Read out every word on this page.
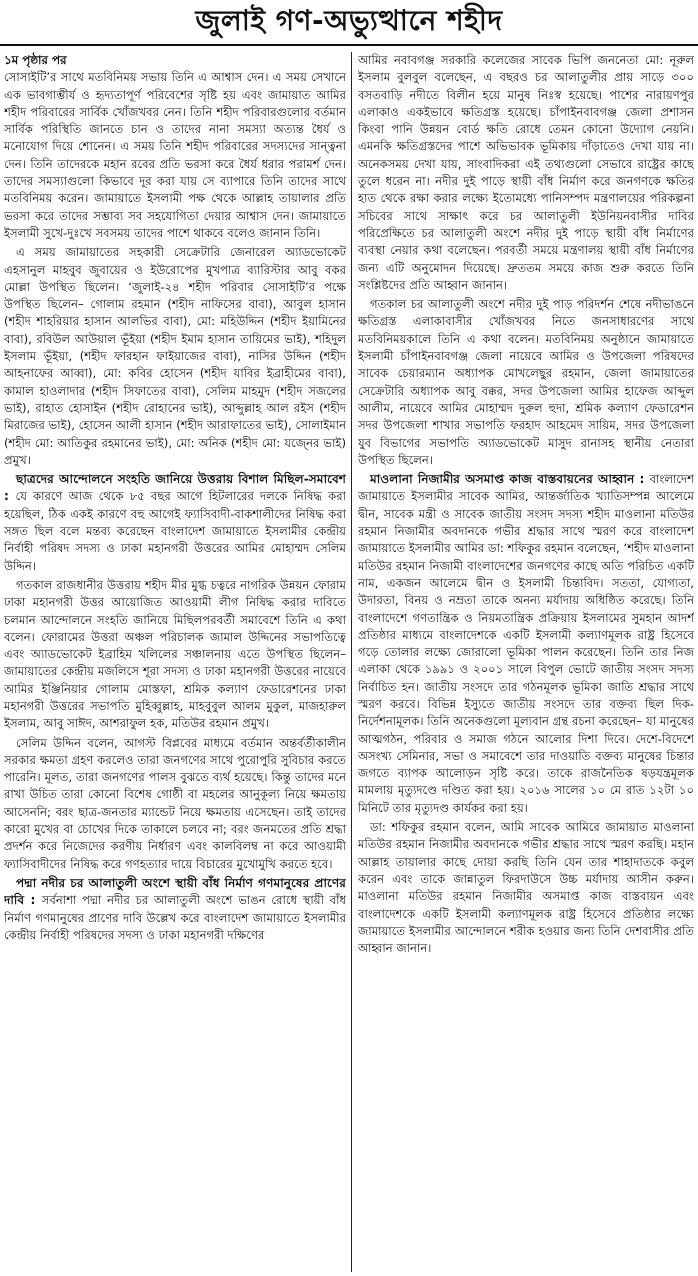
জুলাই গণ-অভ্যুত্থানে শহীদ
১ম পৃষ্ঠার পর

সোসাইটি’র সাথে মতবিনিময় সভায় তিনি এ আশ্বাস দেন। এ সময় সেখানে এক ভাবগাম্ভীর্য ও হৃদ্যতাপূর্ণ পরিবেশের সৃষ্টি হয় এবং জামায়াত আমির শহীদ পরিবারের সার্বিক খোঁজখবর নেন। তিনি শহীদ পরিবারগুলোর বর্তমান সার্বিক পরিস্থিতি জানতে চান ও তাদের নানা সমস্যা অত্যন্ত ধৈর্য ও মনোযোগ দিয়ে শোনেন। এ সময় তিনি শহীদ পরিবারের সদস্যদের সান্ত্বনা দেন। তিনি তাদেরকে মহান রবের প্রতি ভরসা করে ধৈর্য ধরার পরামর্শ দেন। তাদের সমস্যাগুলো কিভাবে দূর করা যায় সে ব্যাপারে তিনি তাদের সাথে মতবিনিময় করেন। জামায়াতে ইসলামী পক্ষ থেকে আল্লাহ তায়ালার প্রতি ভরসা করে তাদের সম্ভাব্য সব সহযোগিতা দেয়ার আশ্বাস দেন। জামায়াতে ইসলামী সুখে-দুঃখে সবসময় তাদের পাশে থাকবে বলেও জানান তিনি।

এ সময় জামায়াতের সহকারী সেক্রেটারি জেনারেল অ্যাডভোকেট এহসানুল মাহবুব জুবায়ের ও ইউরোপের মুখপাত্র ব্যারিস্টার আবু বকর মোল্লা উপস্থিত ছিলেন। ‘জুলাই-২৪ শহীদ পরিবার সোসাইটি’র পক্ষে উপস্থিত ছিলেন– গোলাম রহমান (শহীদ নাফিসের বাবা), আবুল হাসান (শহীদ শাহরিয়ার হাসান আলভির বাবা), মো: মহিউদ্দিন (শহীদ ইয়ামিনের বাবা), রবিউল আউয়াল ভূঁইয়া (শহীদ ইমাম হাসান তায়িমের ভাই), শহিদুল ইসলাম ভূঁইয়া, (শহীদ ফারহান ফাইয়াজের বাবা), নাসির উদ্দিন (শহীদ আহনাফের আব্বা), মো: কবির হোসেন (শহীদ যাবির ইব্রাহীমের বাবা), কামাল হাওলাদার (শহীদ সিফাতের বাবা), সেলিম মাহমুদ (শহীদ সজলের ভাই), রাহাত হোসাইন (শহীদ রোহানের ভাই), আব্দুল্লাহ আল রইস (শহীদ মিরাজের ভাই), হোসেন আলী হাসান (শহীদ আরাফাতের ভাই), সোলাইমান (শহীদ মো: আতিকুর রহমানের ভাই), মো: অনিক (শহীদ মো: যজ্নের ভাই) প্রমুখ।

ছাত্রদের আন্দোলনে সংহতি জানিয়ে উত্তরায় বিশাল মিছিল-সমাবেশ : যে কারণে আজ থেকে ৮৫ বছর আগে হিটলারের দলকে নিষিদ্ধ করা হয়েছিল, ঠিক একই কারণে বহু আগেই ফ্যাসিবাদী-বাকশালীদের নিষিদ্ধ করা সঙ্গত ছিল বলে মন্তব্য করেছেন বাংলাদেশ জামায়াতে ইসলামীর কেন্দ্রীয় নির্বাহী পরিষদ সদস্য ও ঢাকা মহানগরী উত্তরের আমির মোহাম্মদ সেলিম উদ্দিন।

গতকাল রাজধানীর উত্তরায় শহীদ মীর মুগ্ধ চত্বরে নাগরিক উন্নয়ন ফোরাম ঢাকা মহানগরী উত্তর আয়োজিত আওয়ামী লীগ নিষিদ্ধ করার দাবিতে চলমান আন্দোলনে সংহতি জানিয়ে মিছিলপরবর্তী সমাবেশে তিনি এ কথা বলেন। ফোরামের উত্তরা অঞ্চল পরিচালক জামাল উদ্দিনের সভাপতিত্বে এবং অ্যাডভোকেট ইব্রাহিম খলিলের সঞ্চালনায় এতে উপস্থিত ছিলেন– জামায়াতের কেন্দ্রীয় মজলিসে শূরা সদস্য ও ঢাকা মহানগরী উত্তরের নায়েবে আমির ইঞ্জিনিয়ার গোলাম মোস্তফা, শ্রমিক কল্যাণ ফেডারেশনের ঢাকা মহানগরী উত্তরের সভাপতি মুহিব্বুল্লাহ, মাহবুবুল আলম মুকুল, মাজহারুল ইসলাম, আবু সাঈদ, আশরাফুল হক, মতিউর রহমান প্রমুখ।

সেলিম উদ্দিন বলেন, আগস্ট বিপ্লবের মাধ্যমে বর্তমান অন্তর্বর্তীকালীন সরকার ক্ষমতা গ্রহণ করলেও তারা জনগণের সাথে পুরোপুরি সুবিচার করতে পারেনি। মূলত, তারা জনগণের পালস বুঝতে ব্যর্থ হয়েছে। কিন্তু তাদের মনে রাখা উচিত তারা কোনো বিশেষ গোষ্ঠী বা মহলের আনুকূল্য নিয়ে ক্ষমতায় আসেননি; বরং ছাত্র-জনতার ম্যান্ডেট নিয়ে ক্ষমতায় এসেছেন। তাই তাদের কারো মুখের বা চোখের দিকে তাকালে চলবে না; বরং জনমতের প্রতি শ্রদ্ধা প্রদর্শন করে নিজেদের করণীয় নির্ধারণ এবং কালবিলম্ব না করে আওয়ামী ফ্যাসিবাদীদের নিষিদ্ধ করে গণহত্যার দায়ে বিচারের মুখোমুখি করতে হবে।

পদ্মা নদীর চর আলাতুলী অংশে স্থায়ী বাঁধ নির্মাণ গণমানুষের প্রাণের দাবি : সর্বনাশা পদ্মা নদীর চর আলাতুলী অংশে ভাঙন রোধে স্থায়ী বাঁধ নির্মাণ গণমানুষের প্রাণের দাবি উল্লেখ করে বাংলাদেশ জামায়াতে ইসলামীর কেন্দ্রীয় নির্বাহী পরিষদের সদস্য ও ঢাকা মহানগরী দক্ষিণের

আমির নবাবগঞ্জ সরকারি কলেজের সাবেক ভিপি জননেতা মো: নূরুল ইসলাম বুলবুল বলেছেন, এ বছরও চর আলাতুলীর প্রায় সাড়ে ৩০০ বসতবাড়ি নদীতে বিলীন হয়ে মানুষ নিঃস্ব হয়েছে। পাশের নারায়ণপুর এলাকাও একইভাবে ক্ষতিগ্রস্ত হয়েছে। চাঁপাইনবাবগঞ্জ জেলা প্রশাসন কিংবা পানি উন্নয়ন বোর্ড ক্ষতি রোধে তেমন কোনো উদ্যোগ নেয়নি। এমনকি ক্ষতিগ্রস্তদের পাশে অভিভাবক ভূমিকায় দাঁড়াতেও দেখা যায় না। অনেকসময় দেখা যায়, সাংবাদিকরা এই তথ্যগুলো সেভাবে রাষ্ট্রের কাছে তুলে ধরেন না। নদীর দুই পাড়ে স্থায়ী বাঁধ নির্মাণ করে জনগণকে ক্ষতির হাত থেকে রক্ষা করার লক্ষ্যে ইতোমধ্যে পানিসম্পদ মন্ত্রণালয়ের পরিকল্পনা সচিবের সাথে সাক্ষাৎ করে চর আলাতুলী ইউনিয়নবাসীর দাবির পরিপ্রেক্ষিতে চর আলাতুলী অংশে নদীর দুই পাড়ে স্থায়ী বাঁধ নির্মাণের ব্যবস্থা নেয়ার কথা বলেছেন। পরবর্তী সময়ে মন্ত্রণালয় স্থায়ী বাঁধ নির্মাণের জন্য এটি অনুমোদন দিয়েছে। দ্রুততম সময়ে কাজ শুরু করতে তিনি সংশ্লিষ্টদের প্রতি আহ্বান জানান।

গতকাল চর আলাতুলী অংশে নদীর দুই পাড় পরিদর্শন শেষে নদীভাঙনে ক্ষতিগ্রস্ত এলাকাবাসীর খোঁজখবর নিতে জনসাধারণের সাথে মতবিনিময়কালে তিনি এ কথা বলেন। মতবিনিময় অনুষ্ঠানে জামায়াতে ইসলামী চাঁপাইনবাবগঞ্জ জেলা নায়েবে আমির ও উপজেলা পরিষদের সাবেক চেয়ারম্যান অধ্যাপক মোখলেছুর রহমান, জেলা জামায়াতের সেক্রেটারি অধ্যাপক আবু বক্কর, সদর উপজেলা আমির হাফেজ আব্দুল আলীম, নায়েবে আমির মোহাম্মদ দুরুল হুদা, শ্রমিক কল্যাণ ফেডারেশন সদর উপজেলা শাখার সভাপতি ফরহাদ আহমেদ সায়িম, সদর উপজেলা যুব বিভাগের সভাপতি অ্যাডভোকেট মাসুদ রানাসহ স্থানীয় নেতারা উপস্থিত ছিলেন।

মাওলানা নিজামীর অসমাপ্ত কাজ বাস্তবায়নের আহ্বান : বাংলাদেশ জামায়াতে ইসলামীর সাবেক আমির, আন্তর্জাতিক খ্যাতিসম্পন্ন আলেমে দ্বীন, সাবেক মন্ত্রী ও সাবেক জাতীয় সংসদ সদস্য শহীদ মাওলানা মতিউর রহমান নিজামীর অবদানকে গভীর শ্রদ্ধার সাথে স্মরণ করে বাংলাদেশ জামায়াতে ইসলামীর আমির ডা: শফিকুর রহমান বলেছেন, ‘শহীদ মাওলানা মতিউর রহমান নিজামী বাংলাদেশের জনগণের কাছে অতি পরিচিত একটি নাম, একজন আলেমে দ্বীন ও ইসলামী চিন্তাবিদ। সততা, যোগ্যতা, উদারতা, বিনয় ও নম্রতা তাকে অনন্য মর্যাদায় অধিষ্ঠিত করেছে। তিনি বাংলাদেশে গণতান্ত্রিক ও নিয়মতান্ত্রিক প্রক্রিয়ায় ইসলামের সুমহান আদর্শ প্রতিষ্ঠার মাধ্যমে বাংলাদেশকে একটি ইসলামী কল্যাণমূলক রাষ্ট্র হিসেবে গড়ে তোলার লক্ষ্যে জোরালো ভূমিকা পালন করেছেন। তিনি তার নিজ এলাকা থেকে ১৯৯১ ও ২০০১ সালে বিপুল ভোটে জাতীয় সংসদ সদস্য নির্বাচিত হন। জাতীয় সংসদে তার গঠনমূলক ভূমিকা জাতি শ্রদ্ধার সাথে স্মরণ করবে। বিভিন্ন ইস্যুতে জাতীয় সংসদে তার বক্তব্য ছিল দিক-নির্দেশনামূলক। তিনি অনেকগুলো মূল্যবান গ্রন্থ রচনা করেছেন– যা মানুষের আত্মগঠন, পরিবার ও সমাজ গঠনে আলোর দিশা দিবে। দেশে-বিদেশে অসংখ্য সেমিনার, সভা ও সমাবেশে তার দাওয়াতি বক্তব্য মানুষের চিন্তার জগতে ব্যাপক আলোড়ন সৃষ্টি করে। তাকে রাজনৈতিক ষড়যন্ত্রমূলক মামলায় মৃত্যুদণ্ডে দণ্ডিত করা হয়। ২০১৬ সালের ১০ মে রাত ১২টা ১০ মিনিটে তার মৃত্যুদণ্ড কার্যকর করা হয়।

ডা: শফিকুর রহমান বলেন, আমি সাবেক আমিরে জামায়াত মাওলানা মতিউর রহমান নিজামীর অবদানকে গভীর শ্রদ্ধার সাথে স্মরণ করছি। মহান আল্লাহ তায়ালার কাছে দোয়া করছি তিনি যেন তার শাহাদাতকে কবুল করেন এবং তাকে জান্নাতুল ফিরদাউসে উচ্চ মর্যাদায় আসীন করুন। মাওলানা মতিউর রহমান নিজামীর অসমাপ্ত কাজ বাস্তবায়ন এবং বাংলাদেশকে একটি ইসলামী কল্যাণমূলক রাষ্ট্র হিসেবে প্রতিষ্ঠার লক্ষ্যে জামায়াতে ইসলামীর আন্দোলনে শরীক হওয়ার জন্য তিনি দেশবাসীর প্রতি আহ্বান জানান।
